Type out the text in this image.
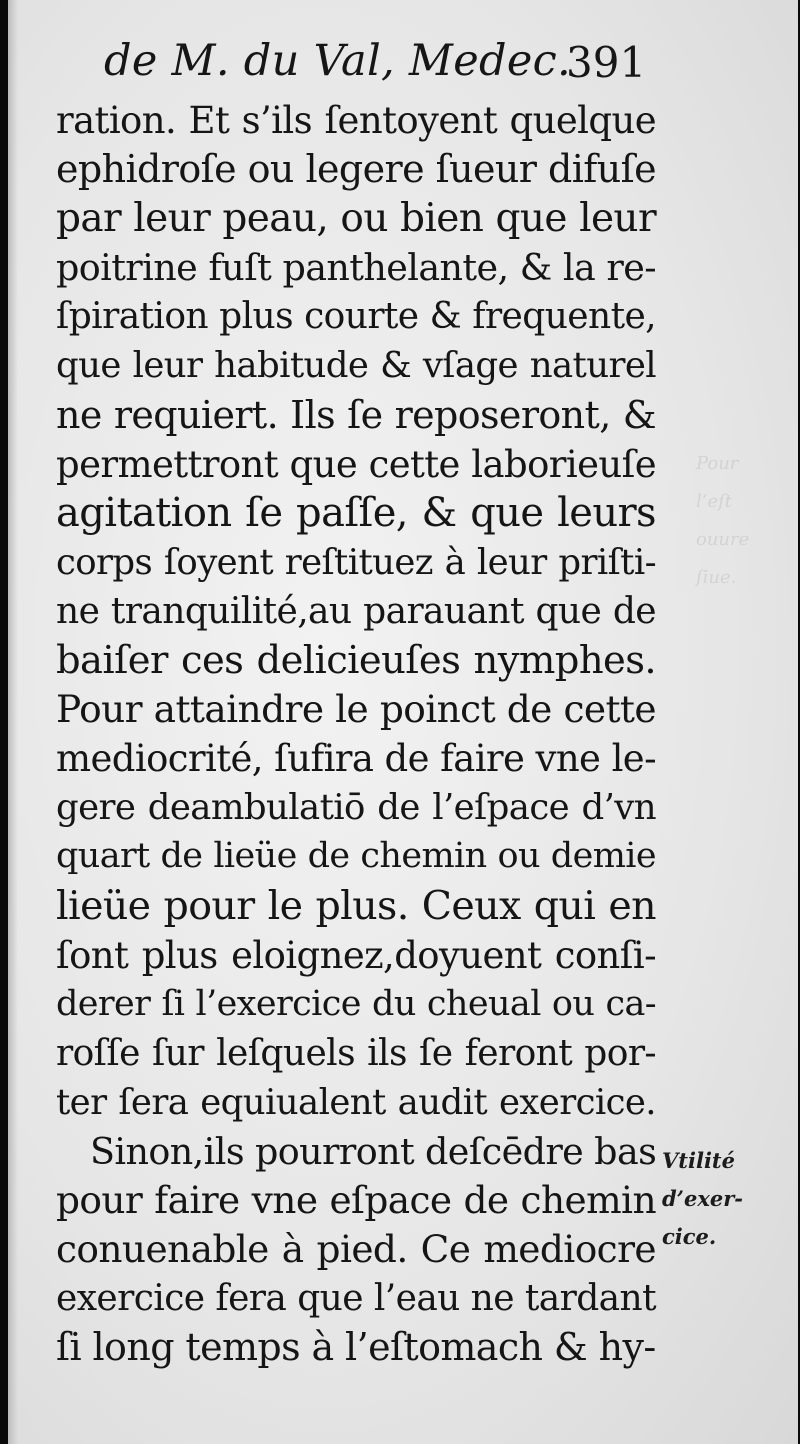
Pour
l’eſt
ouure
ſiue.
de M. du Val, Medec.
391
ration. Et s’ils ſentoyent quelque
ephidroſe ou legere ſueur difuſe
par leur peau, ou bien que leur
poitrine fuſt panthelante, & la re-
ſpiration plus courte & frequente,
que leur habitude & vſage naturel
ne requiert. Ils ſe reposeront, &
permettront que cette laborieuſe
agitation ſe paſſe, & que leurs
corps ſoyent reſtituez à leur priſti-
ne tranquilité,au parauant que de
baiſer ces delicieuſes nymphes.
Pour attaindre le poinct de cette
mediocrité, ſufira de faire vne le-
gere deambulatiō de l’eſpace d’vn
quart de lieüe de chemin ou demie
lieüe pour le plus. Ceux qui en
ſont plus eloignez,doyuent conſi-
derer ſi l’exercice du cheual ou ca-
roſſe ſur leſquels ils ſe feront por-
ter ſera equiualent audit exercice.
Sinon,ils pourront deſcēdre bas
pour faire vne eſpace de chemin
conuenable à pied. Ce mediocre
exercice fera que l’eau ne tardant
ſi long temps à l’eſtomach & hy-
Vtilité
d’exer-
cice.
